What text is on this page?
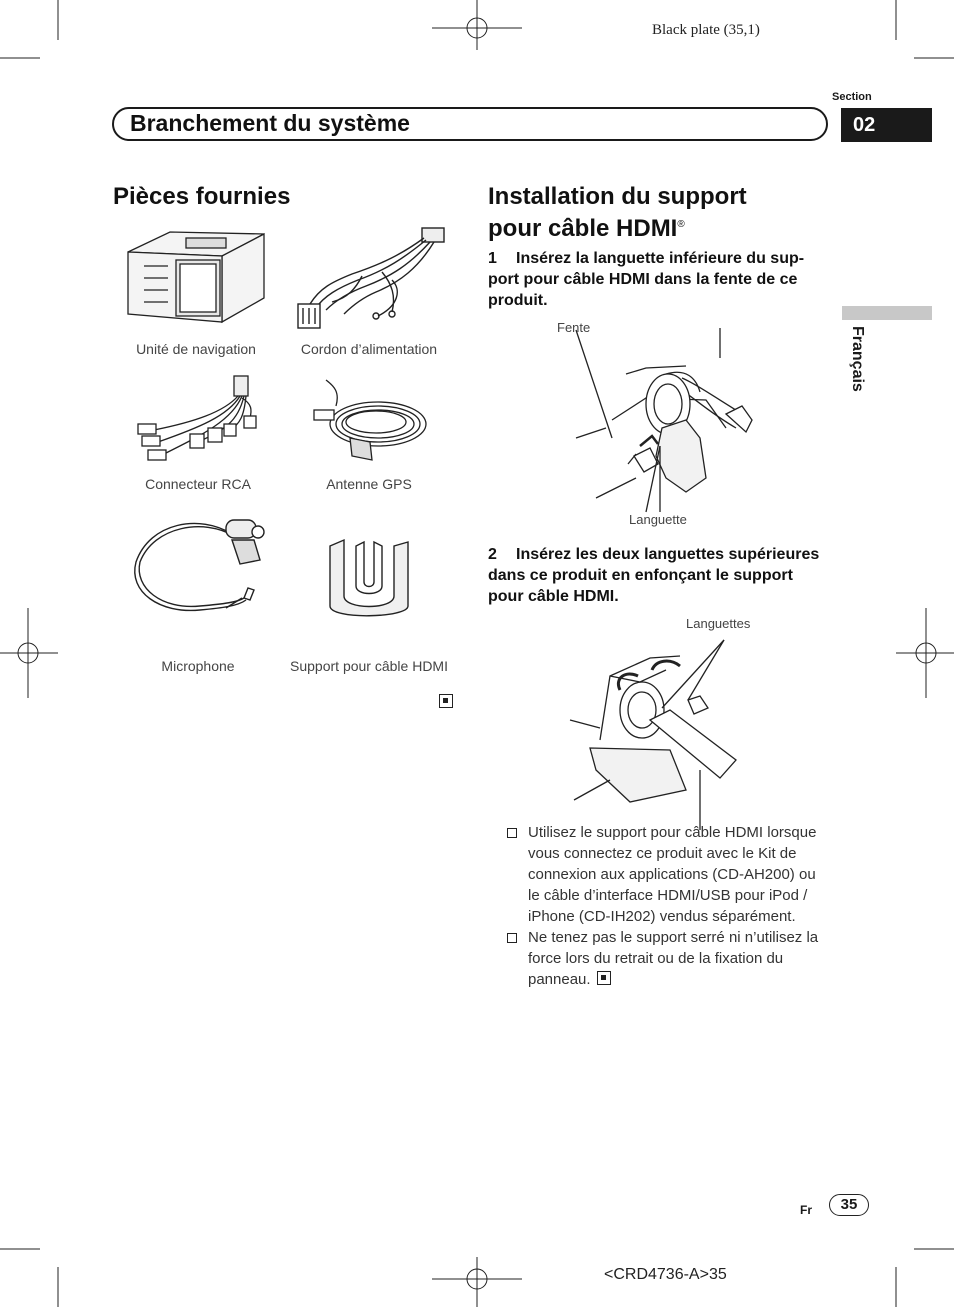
Black plate (35,1)
<CRD4736-A>35
Section
02
Branchement du système
Français
Pièces fournies
Unité de navigation	Cordon d’alimentation
Connecteur RCA	Antenne GPS
Microphone	Support pour câble HDMI
Installation du support
pour câble HDMI®
1 Insérez la languette inférieure du sup-port pour câble HDMI dans la fente de ce produit.
Fente
Languette
2 Insérez les deux languettes supérieures dans ce produit en enfonçant le support pour câble HDMI.
Languettes
Utilisez le support pour câble HDMI lorsque vous connectez ce produit avec le Kit de connexion aux applications (CD-AH200) ou le câble d’interface HDMI/USB pour iPod / iPhone (CD-IH202) vendus séparément.
Ne tenez pas le support serré ni n’utilisez la force lors du retrait ou de la fixation du panneau.
Fr	35
